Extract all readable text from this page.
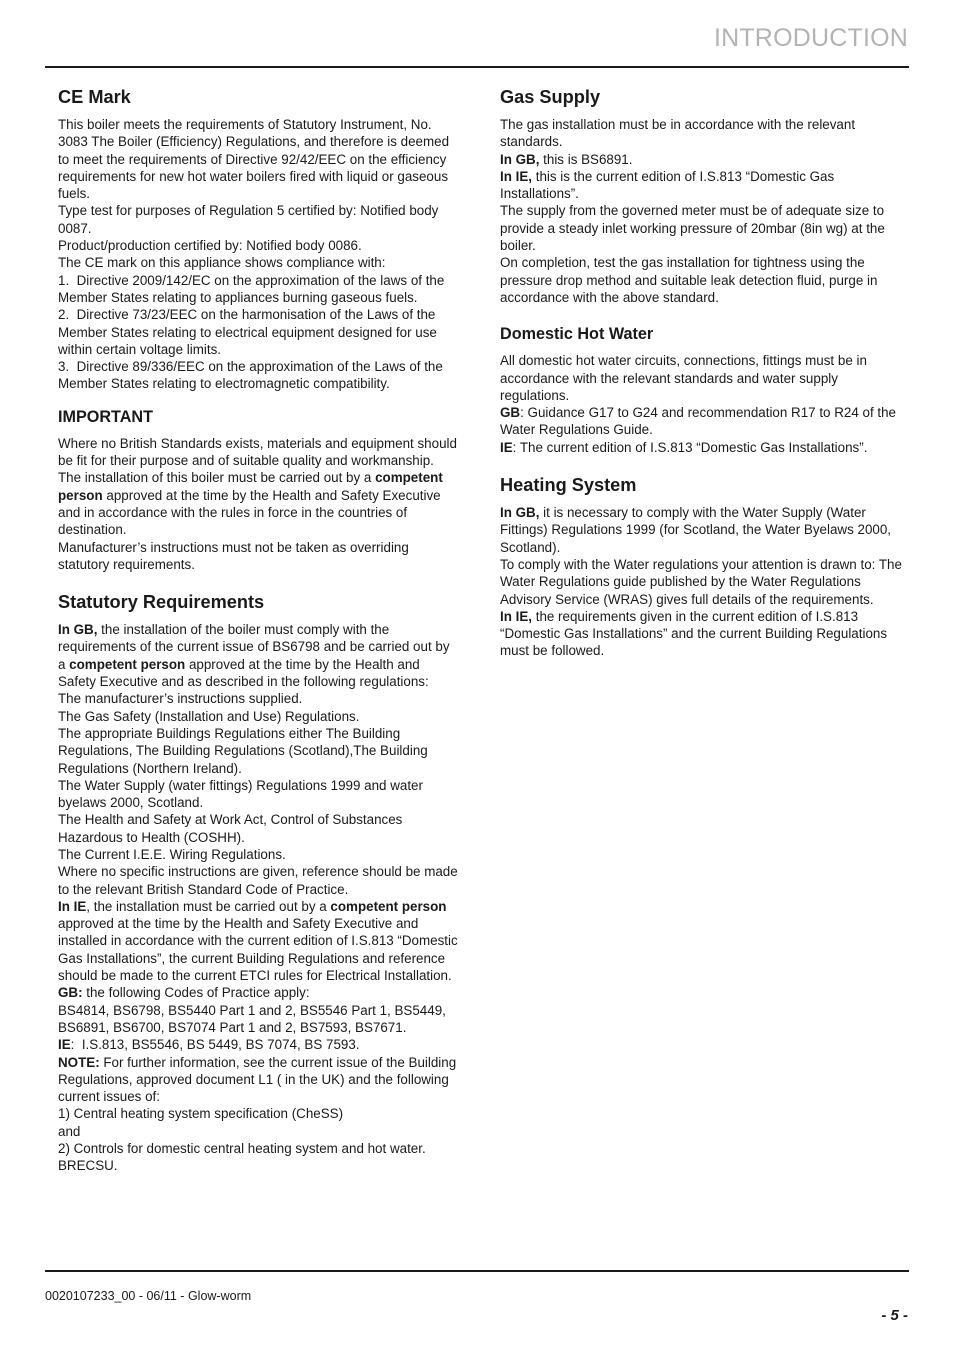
INTRODUCTION
CE Mark

This boiler meets the requirements of Statutory Instrument, No. 3083 The Boiler (Efficiency) Regulations, and therefore is deemed to meet the requirements of Directive 92/42/EEC on the efficiency requirements for new hot water boilers fired with liquid or gaseous fuels.

Type test for purposes of Regulation 5 certified by: Notified body 0087.

Product/production certified by: Notified body 0086.

The CE mark on this appliance shows compliance with:

1.  Directive 2009/142/EC on the approximation of the laws of the Member States relating to appliances burning gaseous fuels.

2.  Directive 73/23/EEC on the harmonisation of the Laws of the Member States relating to electrical equipment designed for use within certain voltage limits.

3.  Directive 89/336/EEC on the approximation of the Laws of the Member States relating to electromagnetic compatibility.

IMPORTANT

Where no British Standards exists, materials and equipment should be fit for their purpose and of suitable quality and workmanship.

The installation of this boiler must be carried out by a competent person approved at the time by the Health and Safety Executive and in accordance with the rules in force in the countries of destination.

Manufacturer’s instructions must not be taken as overriding statutory requirements.

Statutory Requirements

In GB, the installation of the boiler must comply with the requirements of the current issue of BS6798 and be carried out by a competent person approved at the time by the Health and Safety Executive and as described in the following regulations:

The manufacturer’s instructions supplied.

The Gas Safety (Installation and Use) Regulations.

The appropriate Buildings Regulations either The Building Regulations, The Building Regulations (Scotland),The Building Regulations (Northern Ireland).

The Water Supply (water fittings) Regulations 1999 and water byelaws 2000, Scotland.

The Health and Safety at Work Act, Control of Substances Hazardous to Health (COSHH).

The Current I.E.E. Wiring Regulations.

Where no specific instructions are given, reference should be made to the relevant British Standard Code of Practice.

In IE, the installation must be carried out by a competent person approved at the time by the Health and Safety Executive and installed in accordance with the current edition of I.S.813 “Domestic Gas Installations”, the current Building Regulations and reference should be made to the current ETCI rules for Electrical Installation.

GB: the following Codes of Practice apply:

BS4814, BS6798, BS5440 Part 1 and 2, BS5546 Part 1, BS5449, BS6891, BS6700, BS7074 Part 1 and 2, BS7593, BS7671.

IE:  I.S.813, BS5546, BS 5449, BS 7074, BS 7593.

NOTE: For further information, see the current issue of the Building Regulations, approved document L1 ( in the UK) and the following current issues of:

1) Central heating system specification (CheSS)

and

2) Controls for domestic central heating system and hot water. BRECSU.

Gas Supply

The gas installation must be in accordance with the relevant standards.

In GB, this is BS6891.

In IE, this is the current edition of I.S.813 “Domestic Gas Installations”.

The supply from the governed meter must be of adequate size to provide a steady inlet working pressure of 20mbar (8in wg) at the boiler.

On completion, test the gas installation for tightness using the pressure drop method and suitable leak detection fluid, purge in accordance with the above standard.

Domestic Hot Water

All domestic hot water circuits, connections, fittings must be in accordance with the relevant standards and water supply regulations.

GB: Guidance G17 to G24 and recommendation R17 to R24 of the Water Regulations Guide.

IE: The current edition of I.S.813 “Domestic Gas Installations”.

Heating System

In GB, it is necessary to comply with the Water Supply (Water Fittings) Regulations 1999 (for Scotland, the Water Byelaws 2000, Scotland).

To comply with the Water regulations your attention is drawn to: The Water Regulations guide published by the Water Regulations Advisory Service (WRAS) gives full details of the requirements.

In IE, the requirements given in the current edition of I.S.813 “Domestic Gas Installations” and the current Building Regulations must be followed.

0020107233_00 - 06/11 - Glow-worm
- 5 -
